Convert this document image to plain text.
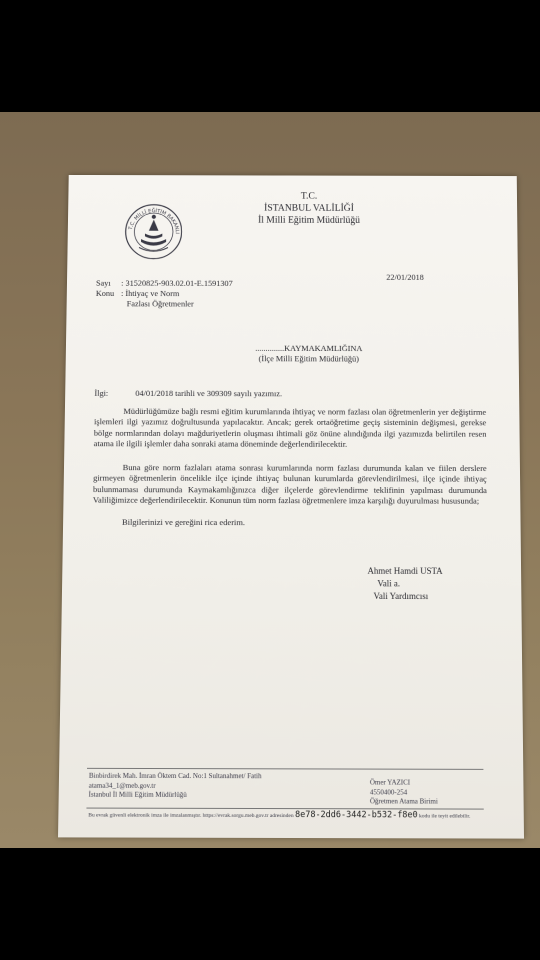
T.C. MİLLÎ EĞİTİM BAKANLIĞI
T.C.
İSTANBUL VALİLİĞİ
İl Milli Eğitim Müdürlüğü
22/01/2018
Sayı : 31520825-903.02.01-E.1591307
Konu : İhtiyaç ve Norm
Fazlası Öğretmenler
..............KAYMAKAMLIĞINA
(İlçe Milli Eğitim Müdürlüğü)
İlgi:	04/01/2018 tarihli ve 309309 sayılı yazımız.
Müdürlüğümüze bağlı resmi eğitim kurumlarında ihtiyaç ve norm fazlası olan öğretmenlerin yer değiştirme işlemleri ilgi yazımız doğrultusunda yapılacaktır. Ancak; gerek ortaöğretime geçiş sisteminin değişmesi, gerekse bölge normlarından dolayı mağduriyetlerin oluşması ihtimali göz önüne alındığında ilgi yazımızda belirtilen resen atama ile ilgili işlemler daha sonraki atama döneminde değerlendirilecektir.
Buna göre norm fazlaları atama sonrası kurumlarında norm fazlası durumunda kalan ve fiilen derslere girmeyen öğretmenlerin öncelikle ilçe içinde ihtiyaç bulunan kurumlarda görevlendirilmesi, ilçe içinde ihtiyaç bulunmaması durumunda Kaymakamlığınızca diğer ilçelerde görevlendirme teklifinin yapılması durumunda Valiliğimizce değerlendirilecektir. Konunun tüm norm fazlası öğretmenlere imza karşılığı duyurulması hususunda;
Bilgilerinizi ve gereğini rica ederim.
Ahmet Hamdi USTA
Vali a.
Vali Yardımcısı
Binbirdirek Mah. İmran Öktem Cad. No:1 Sultanahmet/ Fatih
atama34_1@meb.gov.tr
İstanbul İl Milli Eğitim Müdürlüğü
Ömer YAZICI
4550400-254
Öğretmen Atama Birimi
Bu evrak güvenli elektronik imza ile imzalanmıştır. https://evrak.sorgu.meb.gov.tr adresinden 8e78-2dd6-3442-b532-f8e0 kodu ile teyit edilebilir.
